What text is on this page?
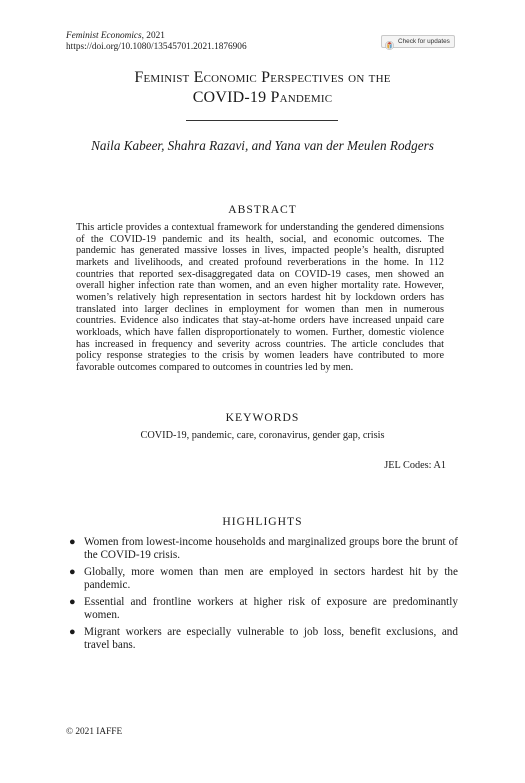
Feminist Economics, 2021
https://doi.org/10.1080/13545701.2021.1876906
Check for updates
Feminist Economic Perspectives on the
COVID-19 Pandemic
Naila Kabeer, Shahra Razavi, and Yana van der Meulen Rodgers
ABSTRACT
This article provides a contextual framework for understanding the gendered dimensions of the COVID-19 pandemic and its health, social, and economic outcomes. The pandemic has generated massive losses in lives, impacted people’s health, disrupted markets and livelihoods, and created profound reverberations in the home. In 112 countries that reported sex-disaggregated data on COVID-19 cases, men showed an overall higher infection rate than women, and an even higher mortality rate. However, women’s relatively high representation in sectors hardest hit by lockdown orders has translated into larger declines in employment for women than men in numerous countries. Evidence also indicates that stay-at-home orders have increased unpaid care workloads, which have fallen disproportionately to women. Further, domestic violence has increased in frequency and severity across countries. The article concludes that policy response strategies to the crisis by women leaders have contributed to more favorable outcomes compared to outcomes in countries led by men.
KEYWORDS
COVID-19, pandemic, care, coronavirus, gender gap, crisis
JEL Codes: A1
HIGHLIGHTS
● Women from lowest-income households and marginalized groups bore the brunt of the COVID-19 crisis.
● Globally, more women than men are employed in sectors hardest hit by the pandemic.
● Essential and frontline workers at higher risk of exposure are predominantly women.
● Migrant workers are especially vulnerable to job loss, benefit exclusions, and travel bans.
© 2021 IAFFE
